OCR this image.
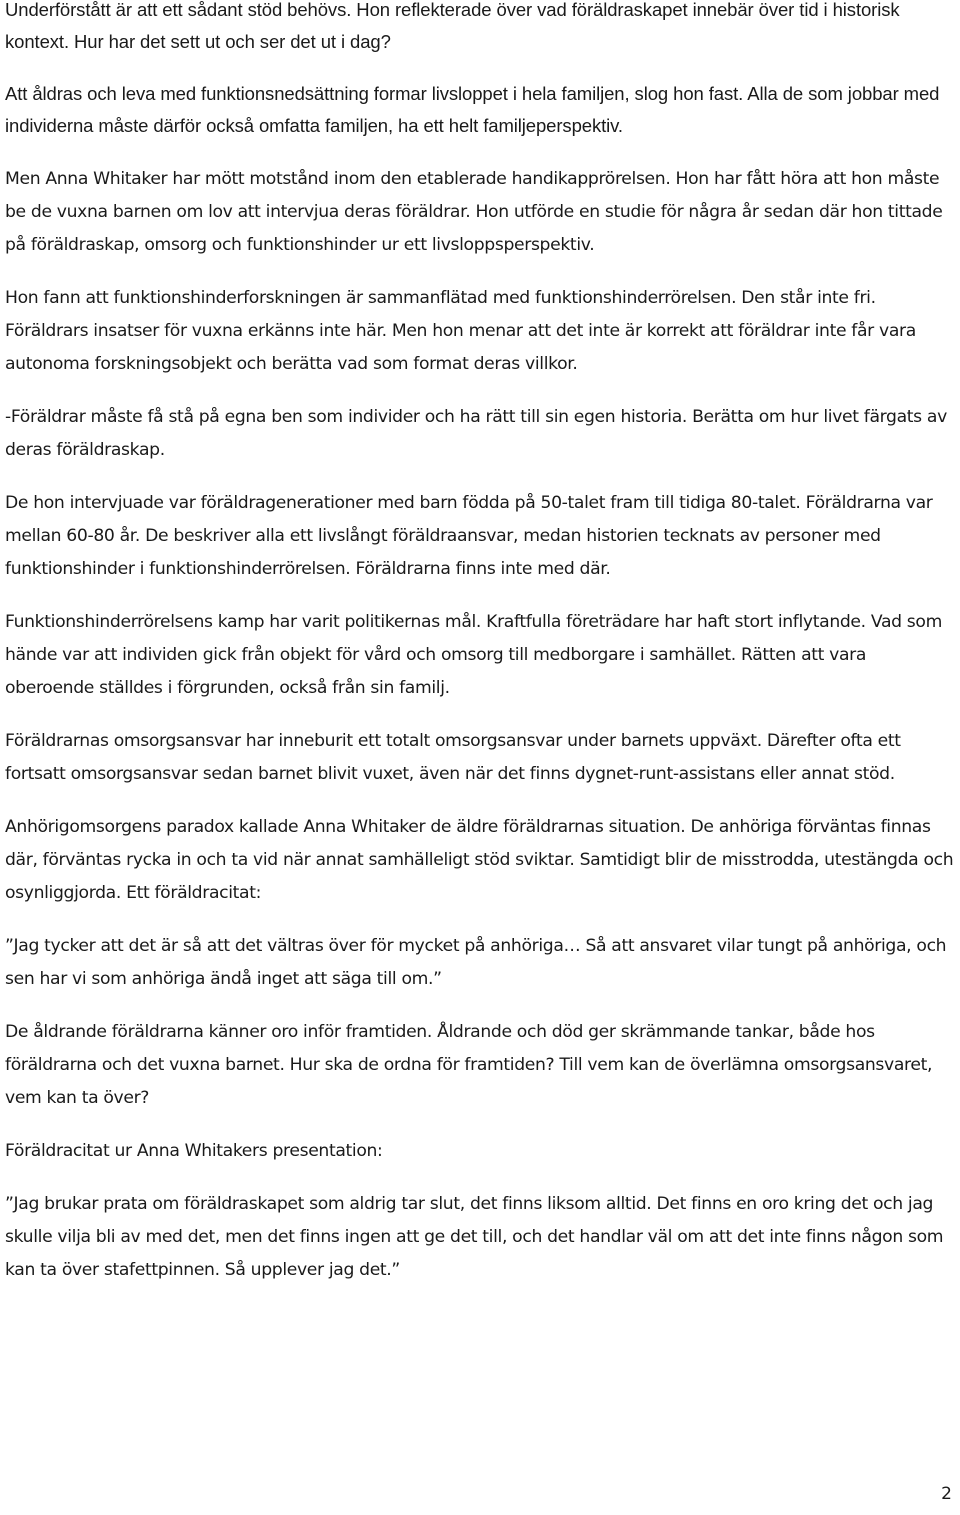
Underförstått är att ett sådant stöd behövs. Hon reflekterade över vad föräldraskapet innebär över tid i historisk kontext. Hur har det sett ut och ser det ut i dag?

Att åldras och leva med funktionsnedsättning formar livsloppet i hela familjen, slog hon fast. Alla de som jobbar med individerna måste därför också omfatta familjen, ha ett helt familjeperspektiv.

Men Anna Whitaker har mött motstånd inom den etablerade handikapprörelsen. Hon har fått höra att hon måste be de vuxna barnen om lov att intervjua deras föräldrar. Hon utförde en studie för några år sedan där hon tittade på föräldraskap, omsorg och funktionshinder ur ett livsloppsperspektiv.

Hon fann att funktionshinderforskningen är sammanflätad med funktionshinderrörelsen. Den står inte fri. Föräldrars insatser för vuxna erkänns inte här. Men hon menar att det inte är korrekt att föräldrar inte får vara autonoma forskningsobjekt och berätta vad som format deras villkor.

-Föräldrar måste få stå på egna ben som individer och ha rätt till sin egen historia. Berätta om hur livet färgats av deras föräldraskap.

De hon intervjuade var föräldragenerationer med barn födda på 50-talet fram till tidiga 80-talet. Föräldrarna var mellan 60-80 år. De beskriver alla ett livslångt föräldraansvar, medan historien tecknats av personer med funktionshinder i funktionshinderrörelsen. Föräldrarna finns inte med där.

Funktionshinderrörelsens kamp har varit politikernas mål. Kraftfulla företrädare har haft stort inflytande. Vad som hände var att individen gick från objekt för vård och omsorg till medborgare i samhället. Rätten att vara oberoende ställdes i förgrunden, också från sin familj.

Föräldrarnas omsorgsansvar har inneburit ett totalt omsorgsansvar under barnets uppväxt. Därefter ofta ett fortsatt omsorgsansvar sedan barnet blivit vuxet, även när det finns dygnet-runt-assistans eller annat stöd.

Anhörigomsorgens paradox kallade Anna Whitaker de äldre föräldrarnas situation. De anhöriga förväntas finnas där, förväntas rycka in och ta vid när annat samhälleligt stöd sviktar. Samtidigt blir de misstrodda, utestängda och osynliggjorda. Ett föräldracitat:

”Jag tycker att det är så att det vältras över för mycket på anhöriga… Så att ansvaret vilar tungt på anhöriga, och sen har vi som anhöriga ändå inget att säga till om.”

De åldrande föräldrarna känner oro inför framtiden. Åldrande och död ger skrämmande tankar, både hos föräldrarna och det vuxna barnet. Hur ska de ordna för framtiden? Till vem kan de överlämna omsorgsansvaret, vem kan ta över?

Föräldracitat ur Anna Whitakers presentation:

”Jag brukar prata om föräldraskapet som aldrig tar slut, det finns liksom alltid. Det finns en oro kring det och jag skulle vilja bli av med det, men det finns ingen att ge det till, och det handlar väl om att det inte finns någon som kan ta över stafettpinnen. Så upplever jag det.”

2
